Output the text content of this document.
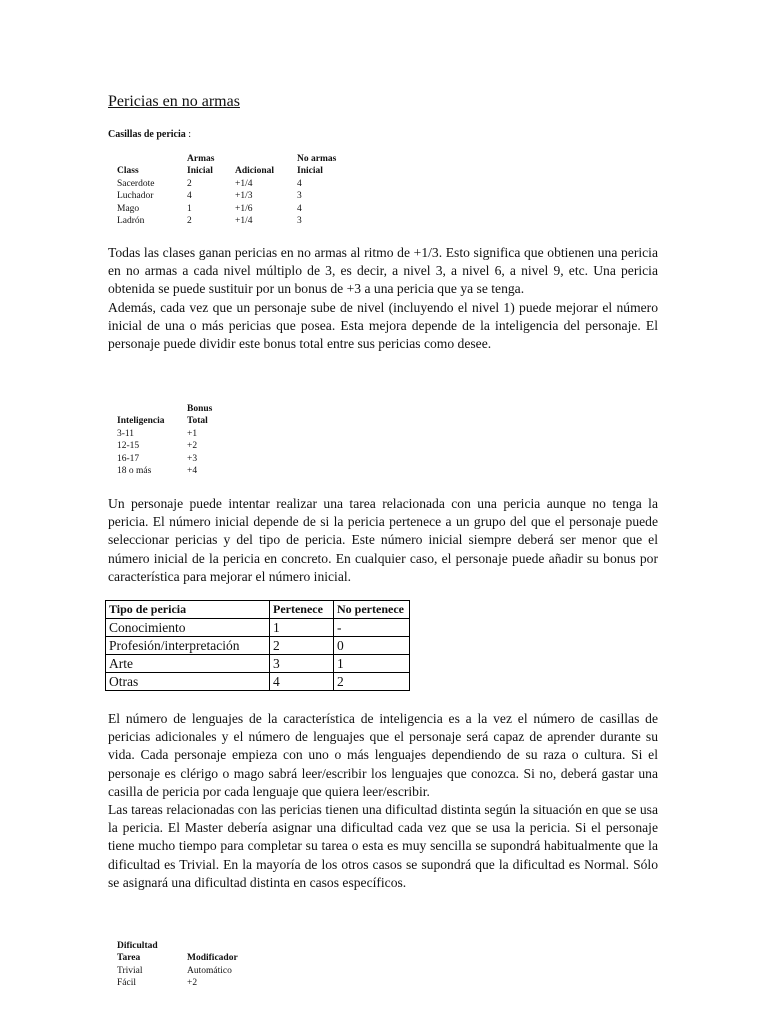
Pericias en no armas
Casillas de pericia :
	Armas		No armas
Class	Inicial	Adicional	Inicial
Sacerdote	2	+1/4	4
Luchador	4	+1/3	3
Mago	1	+1/6	4
Ladrón	2	+1/4	3

Todas las clases ganan pericias en no armas al ritmo de +1/3. Esto significa que obtienen una pericia en no armas a cada nivel múltiplo de 3, es decir, a nivel 3, a nivel 6, a nivel 9, etc. Una pericia obtenida se puede sustituir por un bonus de +3 a una pericia que ya se tenga.

Además, cada vez que un personaje sube de nivel (incluyendo el nivel 1) puede mejorar el número inicial de una o más pericias que posea. Esta mejora depende de la inteligencia del personaje. El personaje puede dividir este bonus total entre sus pericias como desee.

	Bonus
Inteligencia	Total
3-11	+1
12-15	+2
16-17	+3
18 o más	+4

Un personaje puede intentar realizar una tarea relacionada con una pericia aunque no tenga la pericia. El número inicial depende de si la pericia pertenece a un grupo del que el personaje puede seleccionar pericias y del tipo de pericia. Este número inicial siempre deberá ser menor que el número inicial de la pericia en concreto. En cualquier caso, el personaje puede añadir su bonus por característica para mejorar el número inicial.

Tipo de pericia	Pertenece	No pertenece
Conocimiento	1	-
Profesión/interpretación	2	0
Arte	3	1
Otras	4	2

El número de lenguajes de la característica de inteligencia es a la vez el número de casillas de pericias adicionales y el número de lenguajes que el personaje será capaz de aprender durante su vida. Cada personaje empieza con uno o más lenguajes dependiendo de su raza o cultura. Si el personaje es clérigo o mago sabrá leer/escribir los lenguajes que conozca. Si no, deberá gastar una casilla de pericia por cada lenguaje que quiera leer/escribir.

Las tareas relacionadas con las pericias tienen una dificultad distinta según la situación en que se usa la pericia. El Master debería asignar una dificultad cada vez que se usa la pericia. Si el personaje tiene mucho tiempo para completar su tarea o esta es muy sencilla se supondrá habitualmente que la dificultad es Trivial. En la mayoría de los otros casos se supondrá que la dificultad es Normal. Sólo se asignará una dificultad distinta en casos específicos.

Dificultad	
Tarea	Modificador
Trivial	Automático
Fácil	+2
